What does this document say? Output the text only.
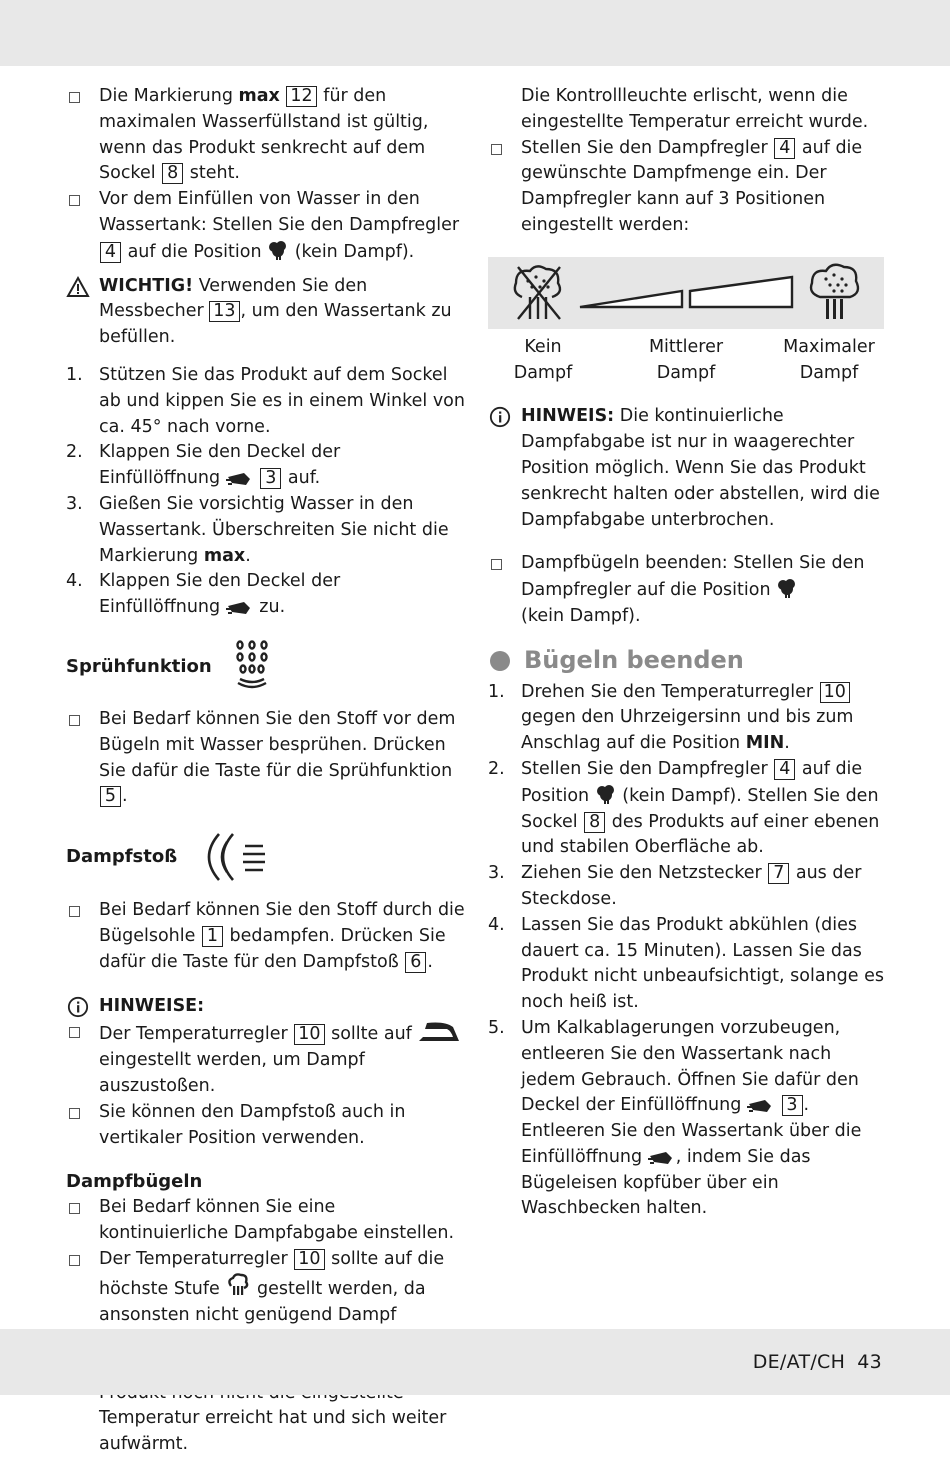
Die Markierung max 12 für den maximalen Wasserfüllstand ist gültig, wenn das Produkt senkrecht auf dem Sockel 8 steht.
Vor dem Einfüllen von Wasser in den Wassertank: Stellen Sie den Dampfregler 4 auf die Position (kein Dampf).
WICHTIG! Verwenden Sie den Messbecher 13 , um den Wassertank zu befüllen.
1. Stützen Sie das Produkt auf dem Sockel ab und kippen Sie es in einem Winkel von ca. 45° nach vorne.
2. Klappen Sie den Deckel der Einfüllöffnung	3 auf.
3. Gießen Sie vorsichtig Wasser in den Wassertank. Überschreiten Sie nicht die Markierung max.
4. Klappen Sie den Deckel der Einfüllöffnung zu.
Sprühfunktion
Bei Bedarf können Sie den Stoff vor dem Bügeln mit Wasser besprühen. Drücken Sie dafür die Taste für die Sprühfunktion 5 .
Dampfstoß
Bei Bedarf können Sie den Stoff durch die Bügelsohle 1 bedampfen. Drücken Sie dafür die Taste für den Dampfstoß 6 .
HINWEISE:
Der Temperaturregler 10 sollte auf  eingestellt werden, um Dampf auszustoßen.
Sie können den Dampfstoß auch in vertikaler Position verwenden.
Dampfbügeln
Bei Bedarf können Sie eine kontinuierliche Dampfabgabe einstellen.
Der Temperaturregler 10 sollte auf die höchste Stufe gestellt werden, da ansonsten nicht genügend Dampf  Temperatur erreicht hat und sich weiter aufwärmt.
Die Kontrollleuchte erlischt, wenn die eingestellte Temperatur erreicht wurde.
Stellen Sie den Dampfregler 4 auf die gewünschte Dampfmenge ein. Der Dampfregler kann auf 3 Positionen eingestellt werden:
Kein
Dampf
Mittlerer
Dampf
Maximaler
Dampf
HINWEIS: Die kontinuierliche Dampfabgabe ist nur in waagerechter Position möglich. Wenn Sie das Produkt senkrecht halten oder abstellen, wird die Dampfabgabe unterbrochen.
Dampfbügeln beenden: Stellen Sie den Dampfregler auf die Position
(kein Dampf).
Bügeln beenden
1. Drehen Sie den Temperaturregler 10 gegen den Uhrzeigersinn und bis zum Anschlag auf die Position MIN.
2. Stellen Sie den Dampfregler 4 auf die Position (kein Dampf). Stellen Sie den Sockel 8 des Produkts auf einer ebenen und stabilen Oberfläche ab.
3. Ziehen Sie den Netzstecker 7 aus der Steckdose.
4. Lassen Sie das Produkt abkühlen (dies dauert ca. 15 Minuten). Lassen Sie das Produkt nicht unbeaufsichtigt, solange es noch heiß ist.
5. Um Kalkablagerungen vorzubeugen, entleeren Sie den Wassertank nach jedem Gebrauch. Öffnen Sie dafür den Deckel der Einfüllöffnung	3 . Entleeren Sie den Wassertank über die Einfüllöffnung , indem Sie das Bügeleisen kopfüber über ein Waschbecken halten.
DE/AT/CH 43
